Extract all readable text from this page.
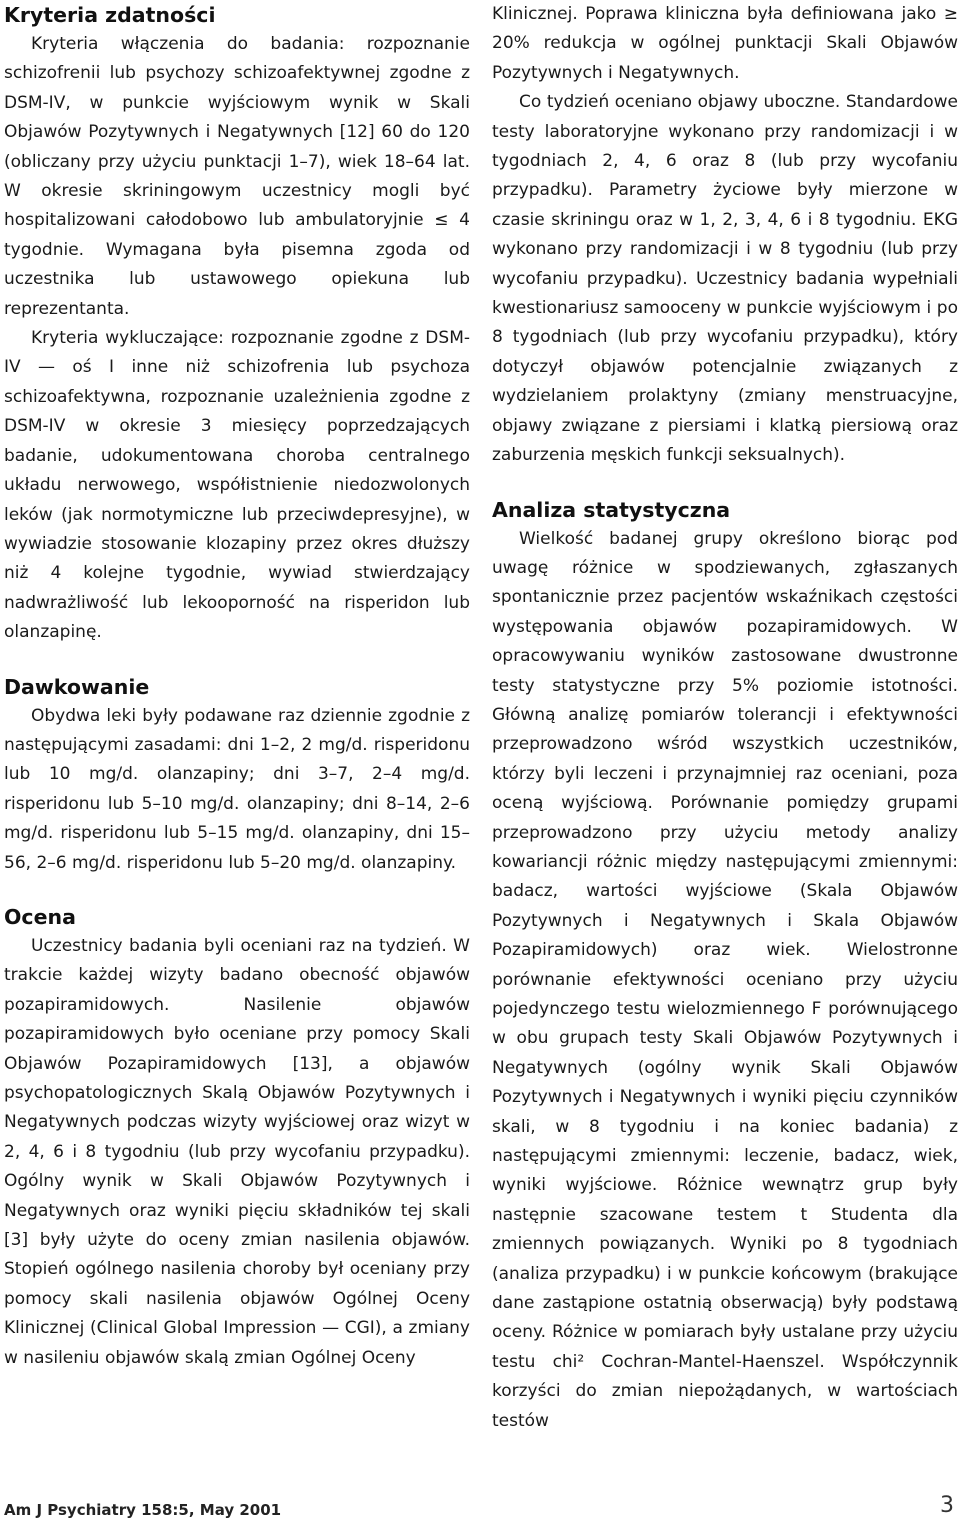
Kryteria zdatności

Kryteria włączenia do badania: rozpoznanie schizofrenii lub psychozy schizoafektywnej zgodne z DSM-IV, w punkcie wyjściowym wynik w Skali Objawów Pozytywnych i Negatywnych [12] 60 do 120 (obliczany przy użyciu punktacji 1–7), wiek 18–64 lat. W okresie skriningowym uczestnicy mogli być hospitalizowani całodobowo lub ambulatoryjnie ≤ 4 tygodnie. Wymagana była pisemna zgoda od uczestnika lub ustawowego opiekuna lub reprezentanta.

Kryteria wykluczające: rozpoznanie zgodne z DSM-IV — oś I inne niż schizofrenia lub psychoza schizoafektywna, rozpoznanie uzależnienia zgodne z DSM-IV w okresie 3 miesięcy poprzedzających badanie, udokumentowana choroba centralnego układu nerwowego, współistnienie niedozwolonych leków (jak normotymiczne lub przeciwdepresyjne), w wywiadzie stosowanie klozapiny przez okres dłuższy niż 4 kolejne tygodnie, wywiad stwierdzający nadwrażliwość lub lekooporność na risperidon lub olanzapinę.

Dawkowanie

Obydwa leki były podawane raz dziennie zgodnie z następującymi zasadami: dni 1–2, 2 mg/d. risperidonu lub 10 mg/d. olanzapiny; dni 3–7, 2–4 mg/d. risperidonu lub 5–10 mg/d. olanzapiny; dni 8–14, 2–6 mg/d. risperidonu lub 5–15 mg/d. olanzapiny, dni 15–56, 2–6 mg/d. risperidonu lub 5–20 mg/d. olanzapiny.

Ocena

Uczestnicy badania byli oceniani raz na tydzień. W trakcie każdej wizyty badano obecność objawów pozapiramidowych. Nasilenie objawów pozapiramidowych było oceniane przy pomocy Skali Objawów Pozapiramidowych [13], a objawów psychopatologicznych Skalą Objawów Pozytywnych i Negatywnych podczas wizyty wyjściowej oraz wizyt w 2, 4, 6 i 8 tygodniu (lub przy wycofaniu przypadku). Ogólny wynik w Skali Objawów Pozytywnych i Negatywnych oraz wyniki pięciu składników tej skali [3] były użyte do oceny zmian nasilenia objawów. Stopień ogólnego nasilenia choroby był oceniany przy pomocy skali nasilenia objawów Ogólnej Oceny Klinicznej (Clinical Global Impression — CGI), a zmiany w nasileniu objawów skalą zmian Ogólnej Oceny

Klinicznej. Poprawa kliniczna była definiowana jako ≥ 20% redukcja w ogólnej punktacji Skali Objawów Pozytywnych i Negatywnych.

Co tydzień oceniano objawy uboczne. Standardowe testy laboratoryjne wykonano przy randomizacji i w tygodniach 2, 4, 6 oraz 8 (lub przy wycofaniu przypadku). Parametry życiowe były mierzone w czasie skriningu oraz w 1, 2, 3, 4, 6 i 8 tygodniu. EKG wykonano przy randomizacji i w 8 tygodniu (lub przy wycofaniu przypadku). Uczestnicy badania wypełniali kwestionariusz samooceny w punkcie wyjściowym i po 8 tygodniach (lub przy wycofaniu przypadku), który dotyczył objawów potencjalnie związanych z wydzielaniem prolaktyny (zmiany menstruacyjne, objawy związane z piersiami i klatką piersiową oraz zaburzenia męskich funkcji seksualnych).

Analiza statystyczna

Wielkość badanej grupy określono biorąc pod uwagę różnice w spodziewanych, zgłaszanych spontanicznie przez pacjentów wskaźnikach częstości występowania objawów pozapiramidowych. W opracowywaniu wyników zastosowane dwustronne testy statystyczne przy 5% poziomie istotności. Główną analizę pomiarów tolerancji i efektywności przeprowadzono wśród wszystkich uczestników, którzy byli leczeni i przynajmniej raz oceniani, poza oceną wyjściową. Porównanie pomiędzy grupami przeprowadzono przy użyciu metody analizy kowariancji różnic między następującymi zmiennymi: badacz, wartości wyjściowe (Skala Objawów Pozytywnych i Negatywnych i Skala Objawów Pozapiramidowych) oraz wiek. Wielostronne porównanie efektywności oceniano przy użyciu pojedynczego testu wielozmiennego F porównującego w obu grupach testy Skali Objawów Pozytywnych i Negatywnych (ogólny wynik Skali Objawów Pozytywnych i Negatywnych i wyniki pięciu czynników skali, w 8 tygodniu i na koniec badania) z następującymi zmiennymi: leczenie, badacz, wiek, wyniki wyjściowe. Różnice wewnątrz grup były następnie szacowane testem t Studenta dla zmiennych powiązanych. Wyniki po 8 tygodniach (analiza przypadku) i w punkcie końcowym (brakujące dane zastąpione ostatnią obserwacją) były podstawą oceny. Różnice w pomiarach były ustalane przy użyciu testu chi² Cochran-Mantel-Haenszel. Współczynnik korzyści do zmian niepożądanych, w wartościach testów

Am J Psychiatry 158:5, May 2001	3
